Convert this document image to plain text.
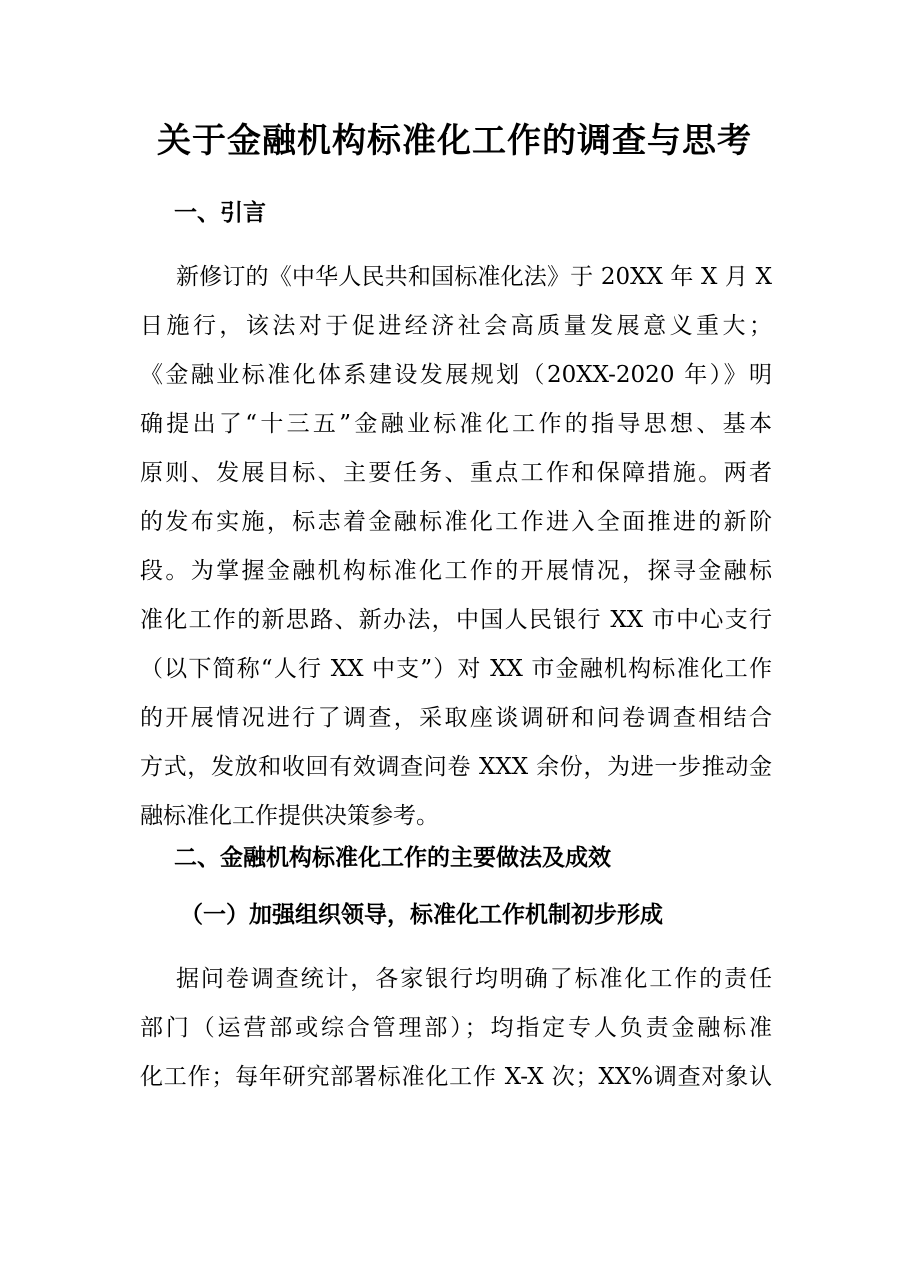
关于金融机构标准化工作的调查与思考
一、引言
新修订的《中华人民共和国标准化法》于 20XX 年 X 月 X
日施行，该法对于促进经济社会高质量发展意义重大；
《金融业标准化体系建设发展规划（20XX-2020 年）》明
确提出了“十三五”金融业标准化工作的指导思想、基本
原则、发展目标、主要任务、重点工作和保障措施。两者
的发布实施，标志着金融标准化工作进入全面推进的新阶
段。为掌握金融机构标准化工作的开展情况，探寻金融标
准化工作的新思路、新办法，中国人民银行 XX 市中心支行
（以下简称“人行 XX 中支”）对 XX 市金融机构标准化工作
的开展情况进行了调查，采取座谈调研和问卷调查相结合
方式，发放和收回有效调查问卷 XXX 余份，为进一步推动金
融标准化工作提供决策参考。
二、金融机构标准化工作的主要做法及成效
（一）加强组织领导，标准化工作机制初步形成
据问卷调查统计，各家银行均明确了标准化工作的责任
部门（运营部或综合管理部）；均指定专人负责金融标准
化工作；每年研究部署标准化工作 X-X 次；XX%调查对象认
